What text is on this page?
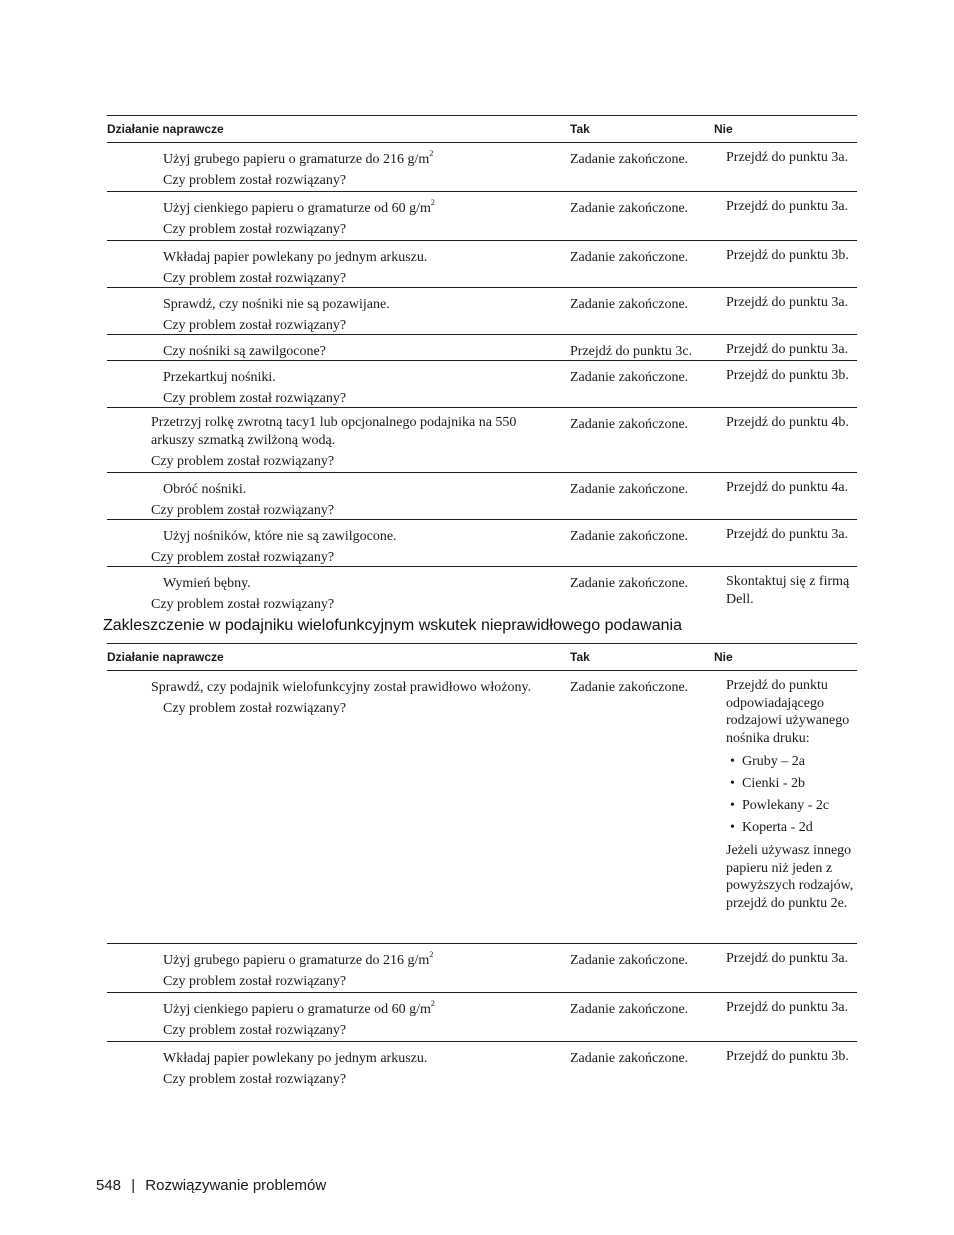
Działanie naprawcze	Tak	Nie
Użyj grubego papieru o gramaturze do 216 $g/m^2$
Czy problem został rozwiązany?
Zadanie zakończone.	Przejdź do punktu 3a.
Użyj cienkiego papieru o gramaturze od 60 $g/m^2$
Czy problem został rozwiązany?
Zadanie zakończone.	Przejdź do punktu 3a.
Wkładaj papier powlekany po jednym arkuszu.
Czy problem został rozwiązany?
Zadanie zakończone.	Przejdź do punktu 3b.
Sprawdź, czy nośniki nie są pozawijane.
Czy problem został rozwiązany?
Zadanie zakończone.	Przejdź do punktu 3a.
Czy nośniki są zawilgocone?	Przejdź do punktu 3c.	Przejdź do punktu 3a.
Przekartkuj nośniki.
Czy problem został rozwiązany?
Zadanie zakończone.	Przejdź do punktu 3b.
Przetrzyj rolkę zwrotną tacy1 lub opcjonalnego podajnika na 550 arkuszy szmatką zwilżoną wodą.
Czy problem został rozwiązany?
Zadanie zakończone.	Przejdź do punktu 4b.
Obróć nośniki.
Czy problem został rozwiązany?
Zadanie zakończone.	Przejdź do punktu 4a.
Użyj nośników, które nie są zawilgocone.
Czy problem został rozwiązany?
Zadanie zakończone.	Przejdź do punktu 3a.
Wymień bębny.
Czy problem został rozwiązany?
Zadanie zakończone.	Skontaktuj się z firmą Dell.
Zakleszczenie w podajniku wielofunkcyjnym wskutek nieprawidłowego podawania
Działanie naprawcze	Tak	Nie
Sprawdź, czy podajnik wielofunkcyjny został prawidłowo włożony.
Czy problem został rozwiązany?
Zadanie zakończone.	Przejdź do punktu odpowiadającego rodzajowi używanego nośnika druku:
• Gruby – 2a
• Cienki - 2b
• Powlekany - 2c
• Koperta - 2d
Jeżeli używasz innego papieru niż jeden z powyższych rodzajów, przejdź do punktu 2e.
Użyj grubego papieru o gramaturze do 216 $g/m^2$
Czy problem został rozwiązany?
Zadanie zakończone.	Przejdź do punktu 3a.
Użyj cienkiego papieru o gramaturze od 60 $g/m^2$
Czy problem został rozwiązany?
Zadanie zakończone.	Przejdź do punktu 3a.
Wkładaj papier powlekany po jednym arkuszu.
Czy problem został rozwiązany?
Zadanie zakończone.	Przejdź do punktu 3b.
548 | Rozwiązywanie problemów
